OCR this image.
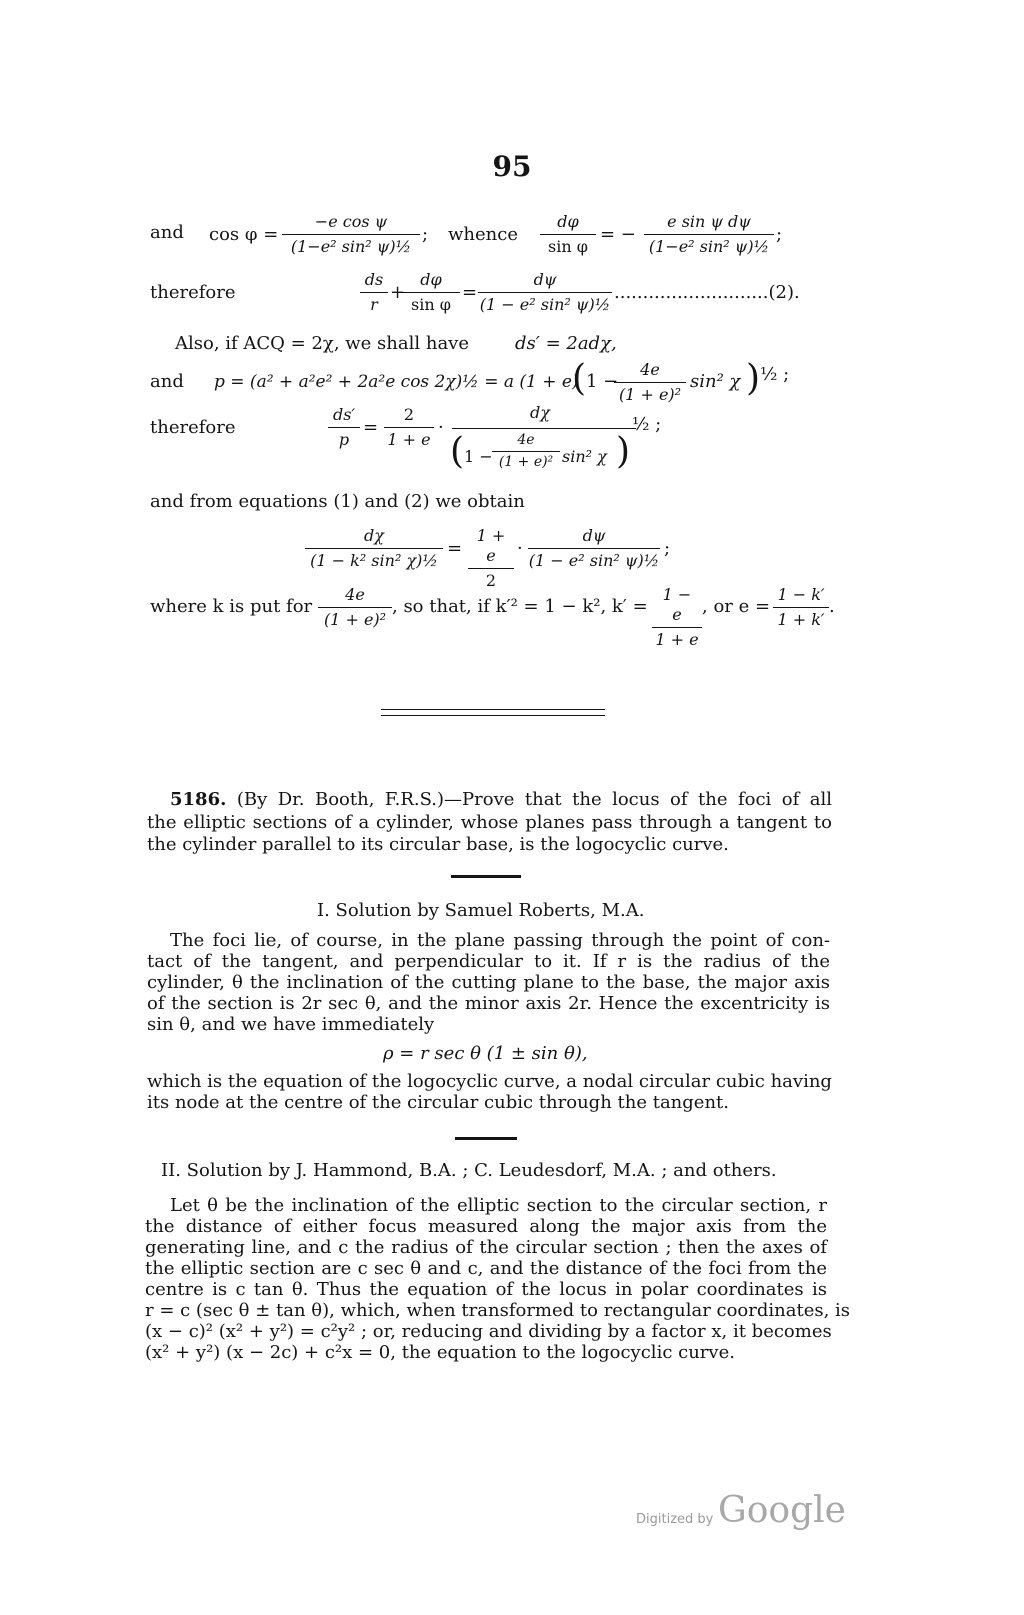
95
and $\cos \varphi = \frac{\text{−e cos ψ}}{\text{(1−e² sin² ψ)½}}$ ; whence $\frac{d\varphi}{\text{sin φ}}$ = − $\frac{\text{e sin ψ dψ}}{\text{(1−e² sin² ψ)½}}$ ;
therefore	$\frac{ds}{r}$ +
$\frac{d\varphi}{\text{sin φ}} = \frac{d\psi}{\text{(1 − e² sin² ψ)½}} ...........................(2)$.
Also, if ACQ = 2χ, we shall have	ds′ = 2adχ,
and p = (a² + a²e² + 2a²e cos 2χ)½ = a (1 + e)
( 1 −
$\frac{4e}{\text{(1 + e)²}} \sin^2$ χ ) ½ ;
therefore	$\frac{ds'}{p} = \frac{2}{1 + e}$ ·
dχ
( $1 - \frac{4e}{\text{(1 + e)²}} \sin^2$ χ )
½ ;
and from equations (1) and (2) we obtain
$\frac{d\chi}{\text{(1 − k² sin² χ)½}} = \frac{1 + e}{2} \cdot \frac{d\psi}{\text{(1 − e² sin² ψ)½}}$ ;
where k is put for $\frac{4e}{\text{(1 + e)²}}$ , so that, if k′² = 1 − k², $k' = \frac{1 - e}{1 + e}$ , or $e = \frac{1 - k'}{1 + k'}$ .
5186. (By Dr. Booth, F.R.S.)—Prove that the locus of the foci of all
the elliptic sections of a cylinder, whose planes pass through a tangent to
the cylinder parallel to its circular base, is the logocyclic curve.
I. Solution by Samuel Roberts, M.A.
The foci lie, of course, in the plane passing through the point of con-
tact of the tangent, and perpendicular to it. If r is the radius of the
cylinder, θ the inclination of the cutting plane to the base, the major axis
of the section is 2r sec θ, and the minor axis 2r. Hence the excentricity is
sin θ, and we have immediately
ρ = r sec θ (1 ± sin θ),
which is the equation of the logocyclic curve, a nodal circular cubic having
its node at the centre of the circular cubic through the tangent.
II. Solution by J. Hammond, B.A. ; C. Leudesdorf, M.A. ; and others.
Let θ be the inclination of the elliptic section to the circular section, r
the distance of either focus measured along the major axis from the
generating line, and c the radius of the circular section ; then the axes of
the elliptic section are c sec θ and c, and the distance of the foci from the
centre is c tan θ. Thus the equation of the locus in polar coordinates is
r = c (sec θ ± tan θ), which, when transformed to rectangular coordinates, is
(x − c)² (x² + y²) = c²y² ; or, reducing and dividing by a factor x, it becomes
(x² + y²) (x − 2c) + c²x = 0, the equation to the logocyclic curve.
Digitized by Google
